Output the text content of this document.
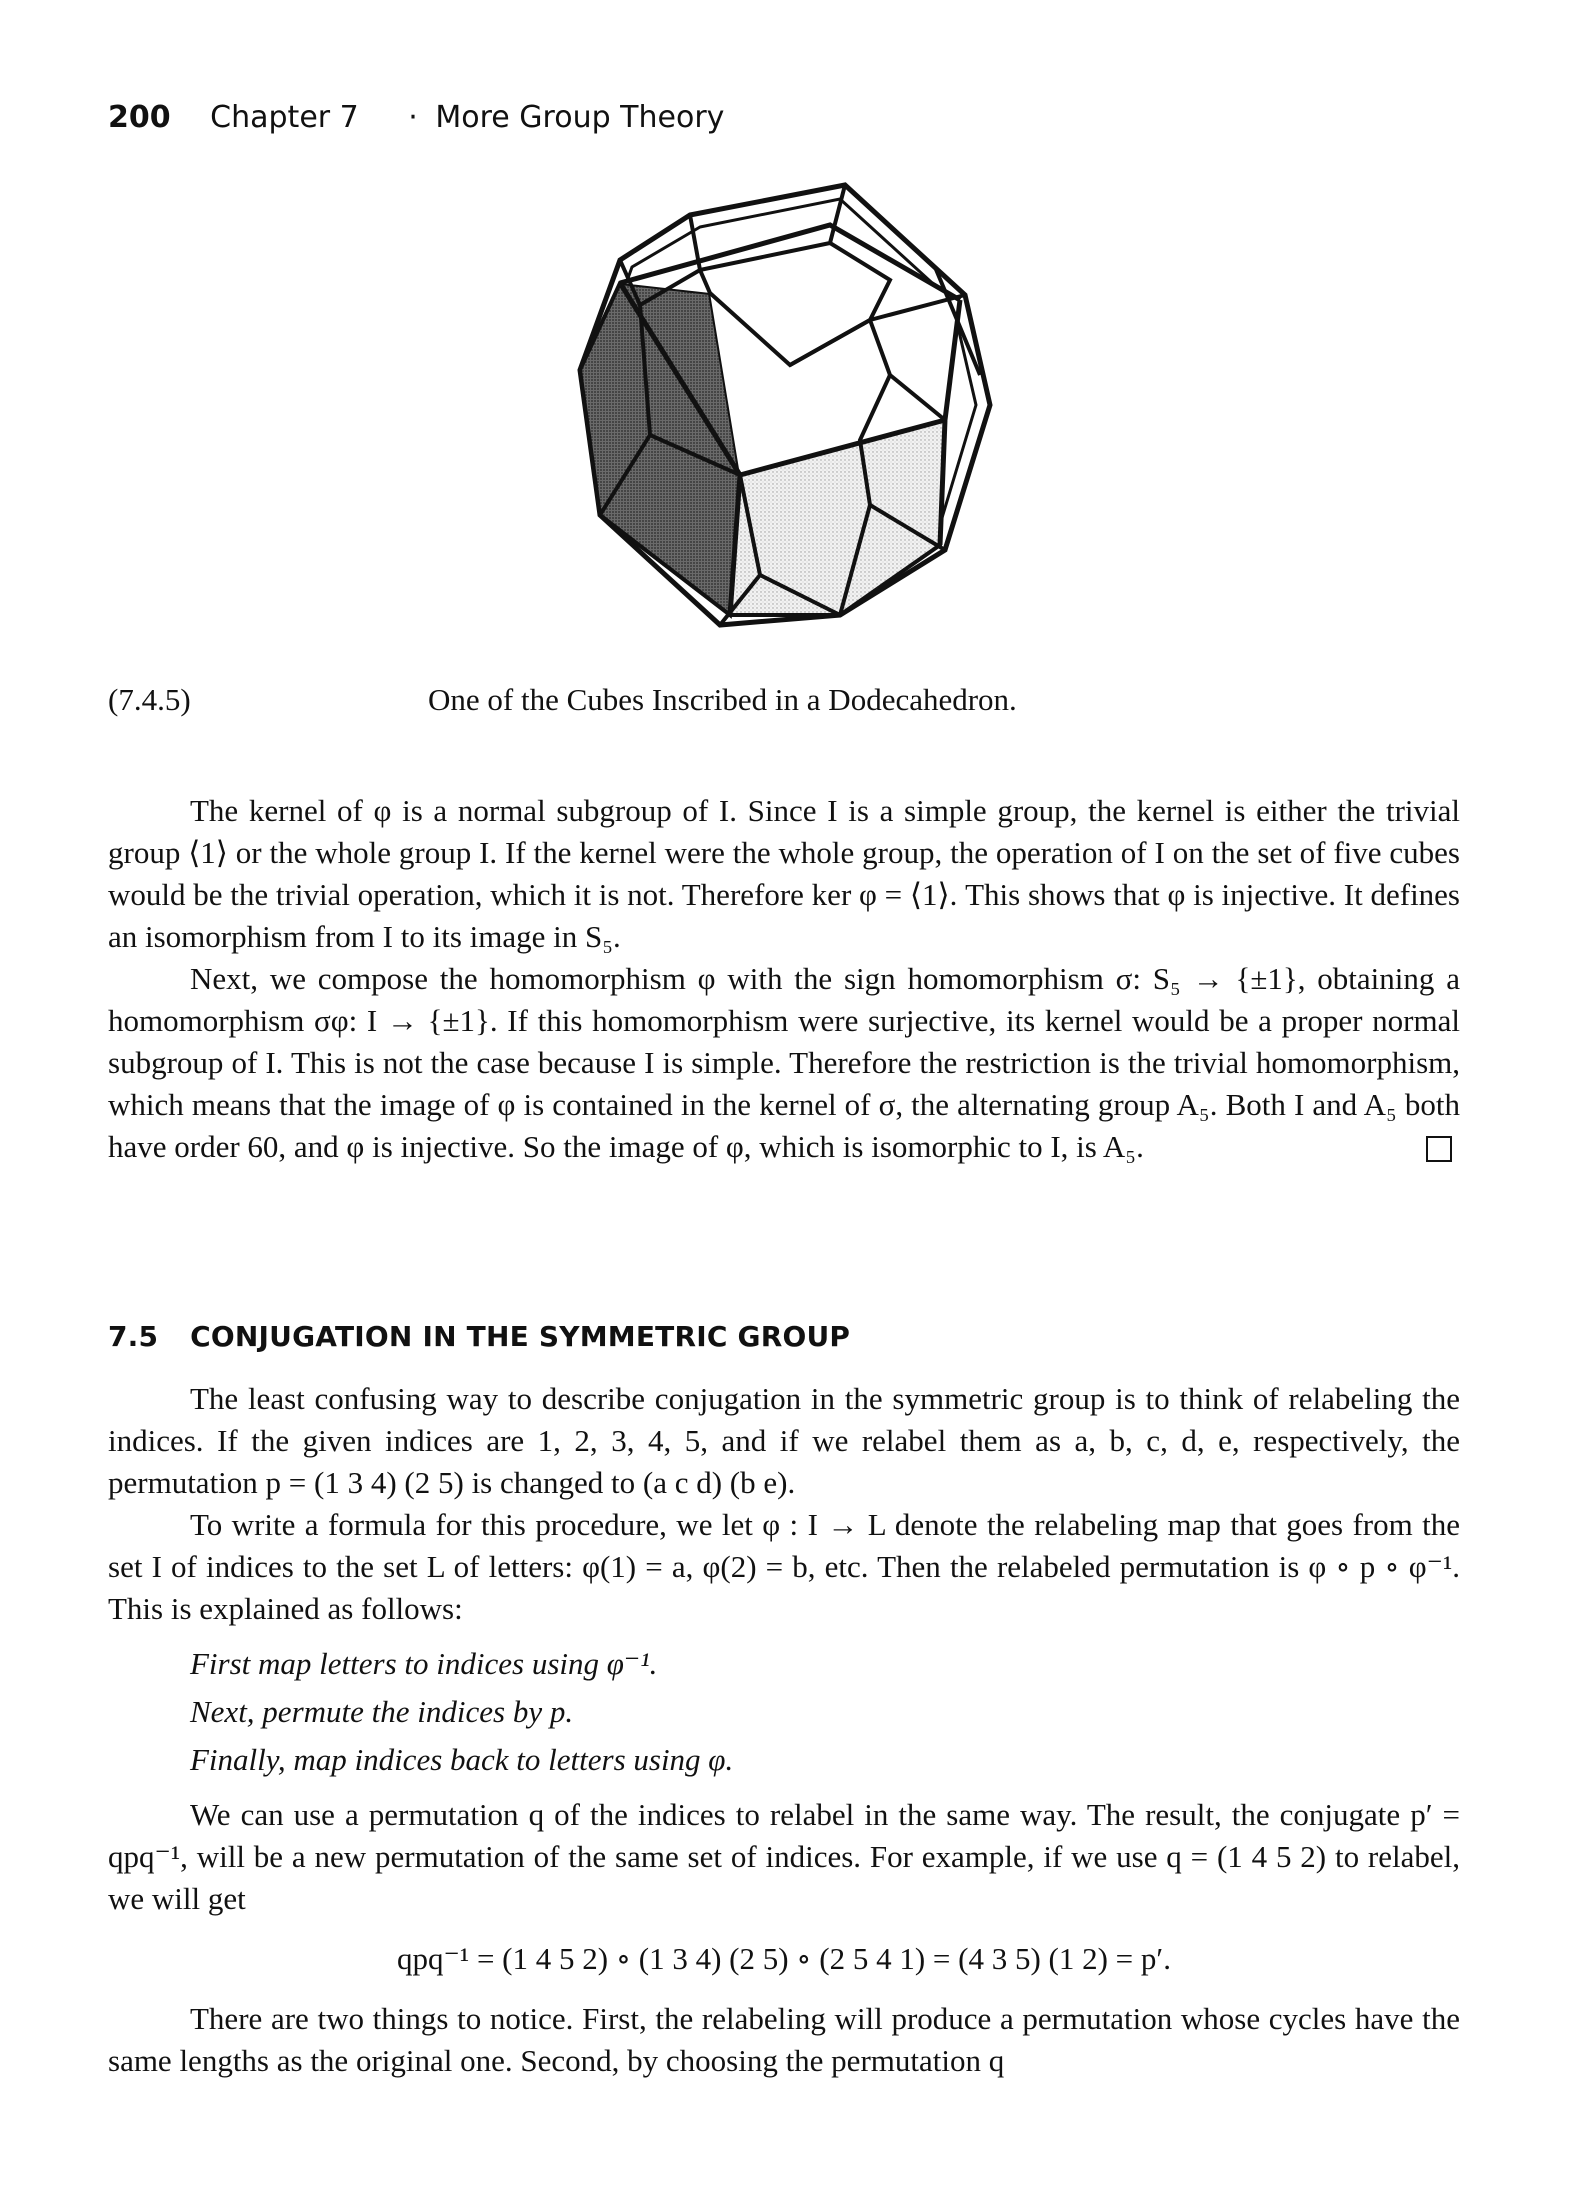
200 Chapter 7 · More Group Theory
(7.4.5)	One of the Cubes Inscribed in a Dodecahedron.

The kernel of φ is a normal subgroup of I. Since I is a simple group, the kernel is either the trivial group ⟨1⟩ or the whole group I. If the kernel were the whole group, the operation of I on the set of five cubes would be the trivial operation, which it is not. Therefore ker φ = ⟨1⟩. This shows that φ is injective. It defines an isomorphism from I to its image in S₅.

Next, we compose the homomorphism φ with the sign homomorphism σ: S₅ → {±1}, obtaining a homomorphism σφ: I → {±1}. If this homomorphism were surjective, its kernel would be a proper normal subgroup of I. This is not the case because I is simple. Therefore the restriction is the trivial homomorphism, which means that the image of φ is contained in the kernel of σ, the alternating group A₅. Both I and A₅ both have order 60, and φ is injective. So the image of φ, which is isomorphic to I, is A₅.

7.5 CONJUGATION IN THE SYMMETRIC GROUP

The least confusing way to describe conjugation in the symmetric group is to think of relabeling the indices. If the given indices are 1, 2, 3, 4, 5, and if we relabel them as a, b, c, d, e, respectively, the permutation p = (1 3 4) (2 5) is changed to (a c d) (b e).

To write a formula for this procedure, we let φ : I → L denote the relabeling map that goes from the set I of indices to the set L of letters: φ(1) = a, φ(2) = b, etc. Then the relabeled permutation is φ ∘ p ∘ φ⁻¹. This is explained as follows:

First map letters to indices using φ⁻¹.
Next, permute the indices by p.
Finally, map indices back to letters using φ.

We can use a permutation q of the indices to relabel in the same way. The result, the conjugate p′ = qpq⁻¹, will be a new permutation of the same set of indices. For example, if we use q = (1 4 5 2) to relabel, we will get

qpq⁻¹ = (1 4 5 2) ∘ (1 3 4) (2 5) ∘ (2 5 4 1) = (4 3 5) (1 2) = p′.

There are two things to notice. First, the relabeling will produce a permutation whose cycles have the same lengths as the original one. Second, by choosing the permutation q
